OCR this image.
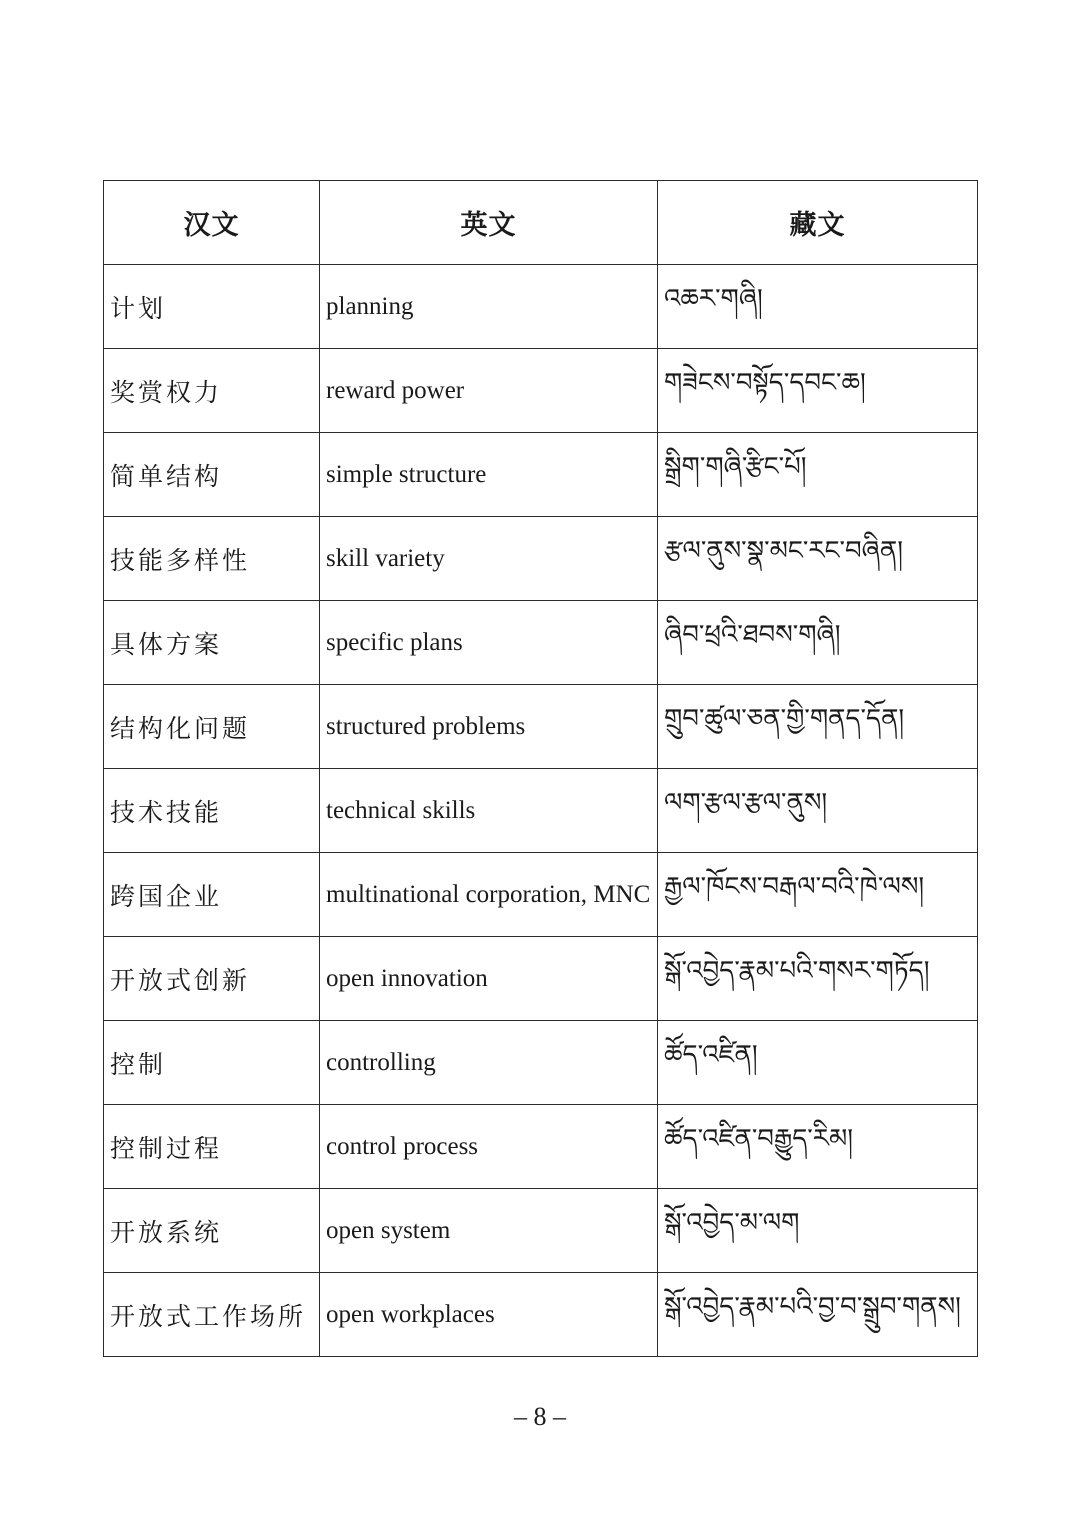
汉文	英文	藏文
计划	planning	འཆར་གཞི།
奖赏权力	reward power	གཟེངས་བསྟོད་དབང་ཆ།
简单结构	simple structure	སྒྲིག་གཞི་རྩིང་པོ།
技能多样性	skill variety	རྩལ་ནུས་སྣ་མང་རང་བཞིན།
具体方案	specific plans	ཞིབ་ཕྲའི་ཐབས་གཞི།
结构化问题	structured problems	གྲུབ་ཚུལ་ཅན་གྱི་གནད་དོན།
技术技能	technical skills	ལག་རྩལ་རྩལ་ནུས།
跨国企业	multinational corporation, MNC	རྒྱལ་ཁོངས་བརྒལ་བའི་ཁེ་ལས།
开放式创新	open innovation	སྒོ་འབྱེད་རྣམ་པའི་གསར་གཏོད།
控制	controlling	ཚོད་འཛིན།
控制过程	control process	ཚོད་འཛིན་བརྒྱུད་རིམ།
开放系统	open system	སྒོ་འབྱེད་མ་ལག
开放式工作场所	open workplaces	སྒོ་འབྱེད་རྣམ་པའི་བྱ་བ་སྒྲུབ་གནས།
– 8 –
